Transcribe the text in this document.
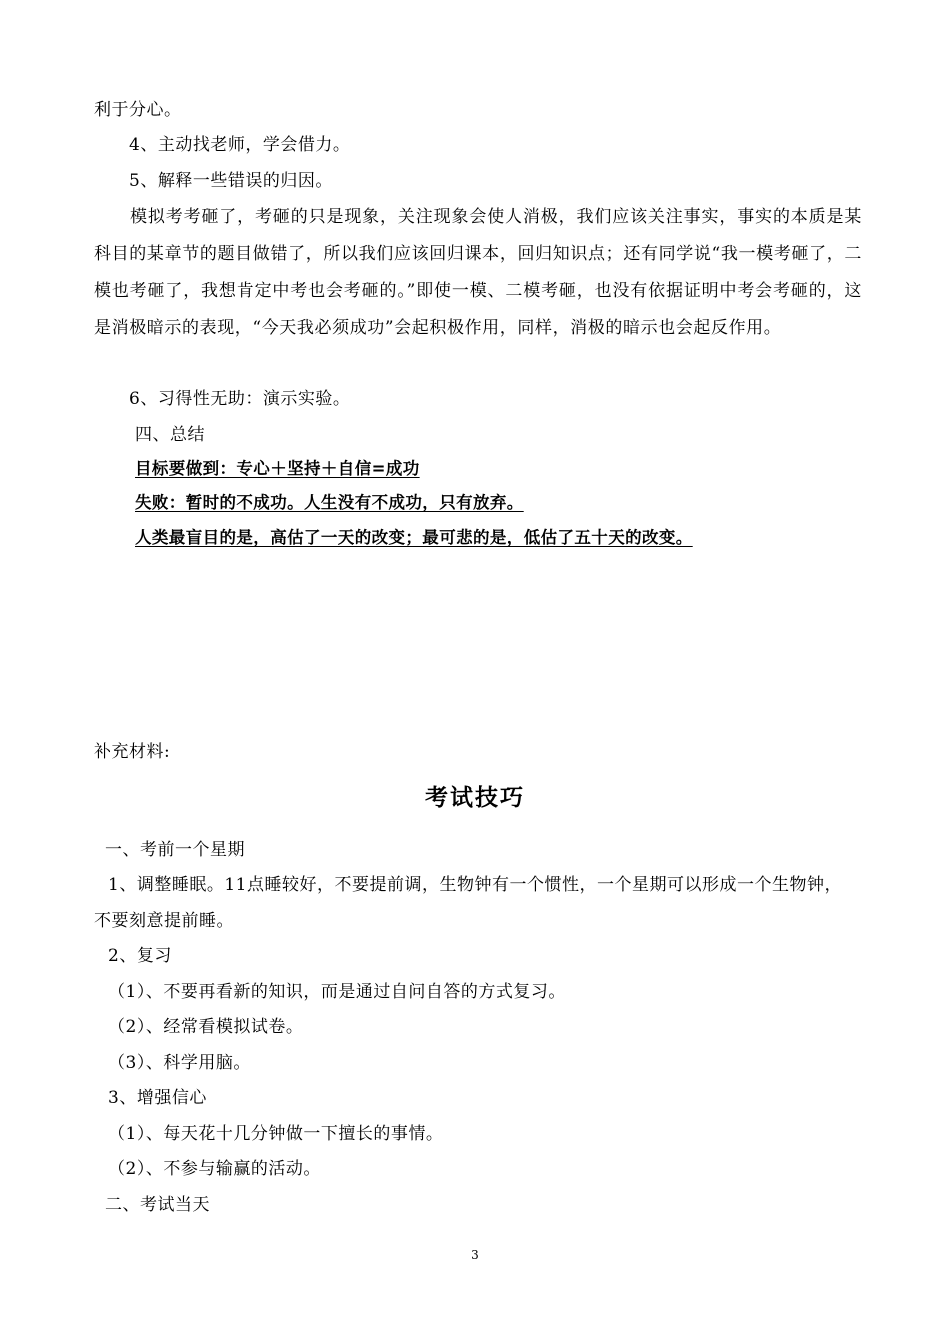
利于分心。
4、主动找老师，学会借力。
5、解释一些错误的归因。
模拟考考砸了，考砸的只是现象，关注现象会使人消极，我们应该关注事实，事实的本质是某科目的某章节的题目做错了，所以我们应该回归课本，回归知识点；还有同学说“我一模考砸了，二模也考砸了，我想肯定中考也会考砸的。”即使一模、二模考砸，也没有依据证明中考会考砸的，这是消极暗示的表现，“今天我必须成功”会起积极作用，同样，消极的暗示也会起反作用。
6、习得性无助：演示实验。
四、总结
目标要做到：专心＋坚持＋自信=成功
失败：暂时的不成功。人生没有不成功，只有放弃。
人类最盲目的是，高估了一天的改变；最可悲的是，低估了五十天的改变。
补充材料:
考试技巧
一、考前一个星期
1、调整睡眠。11点睡较好，不要提前调，生物钟有一个惯性，一个星期可以形成一个生物钟，
不要刻意提前睡。
2、复习
（1）、不要再看新的知识，而是通过自问自答的方式复习。
（2）、经常看模拟试卷。
（3）、科学用脑。
3、增强信心
（1）、每天花十几分钟做一下擅长的事情。
（2）、不参与输赢的活动。
二、考试当天
3
